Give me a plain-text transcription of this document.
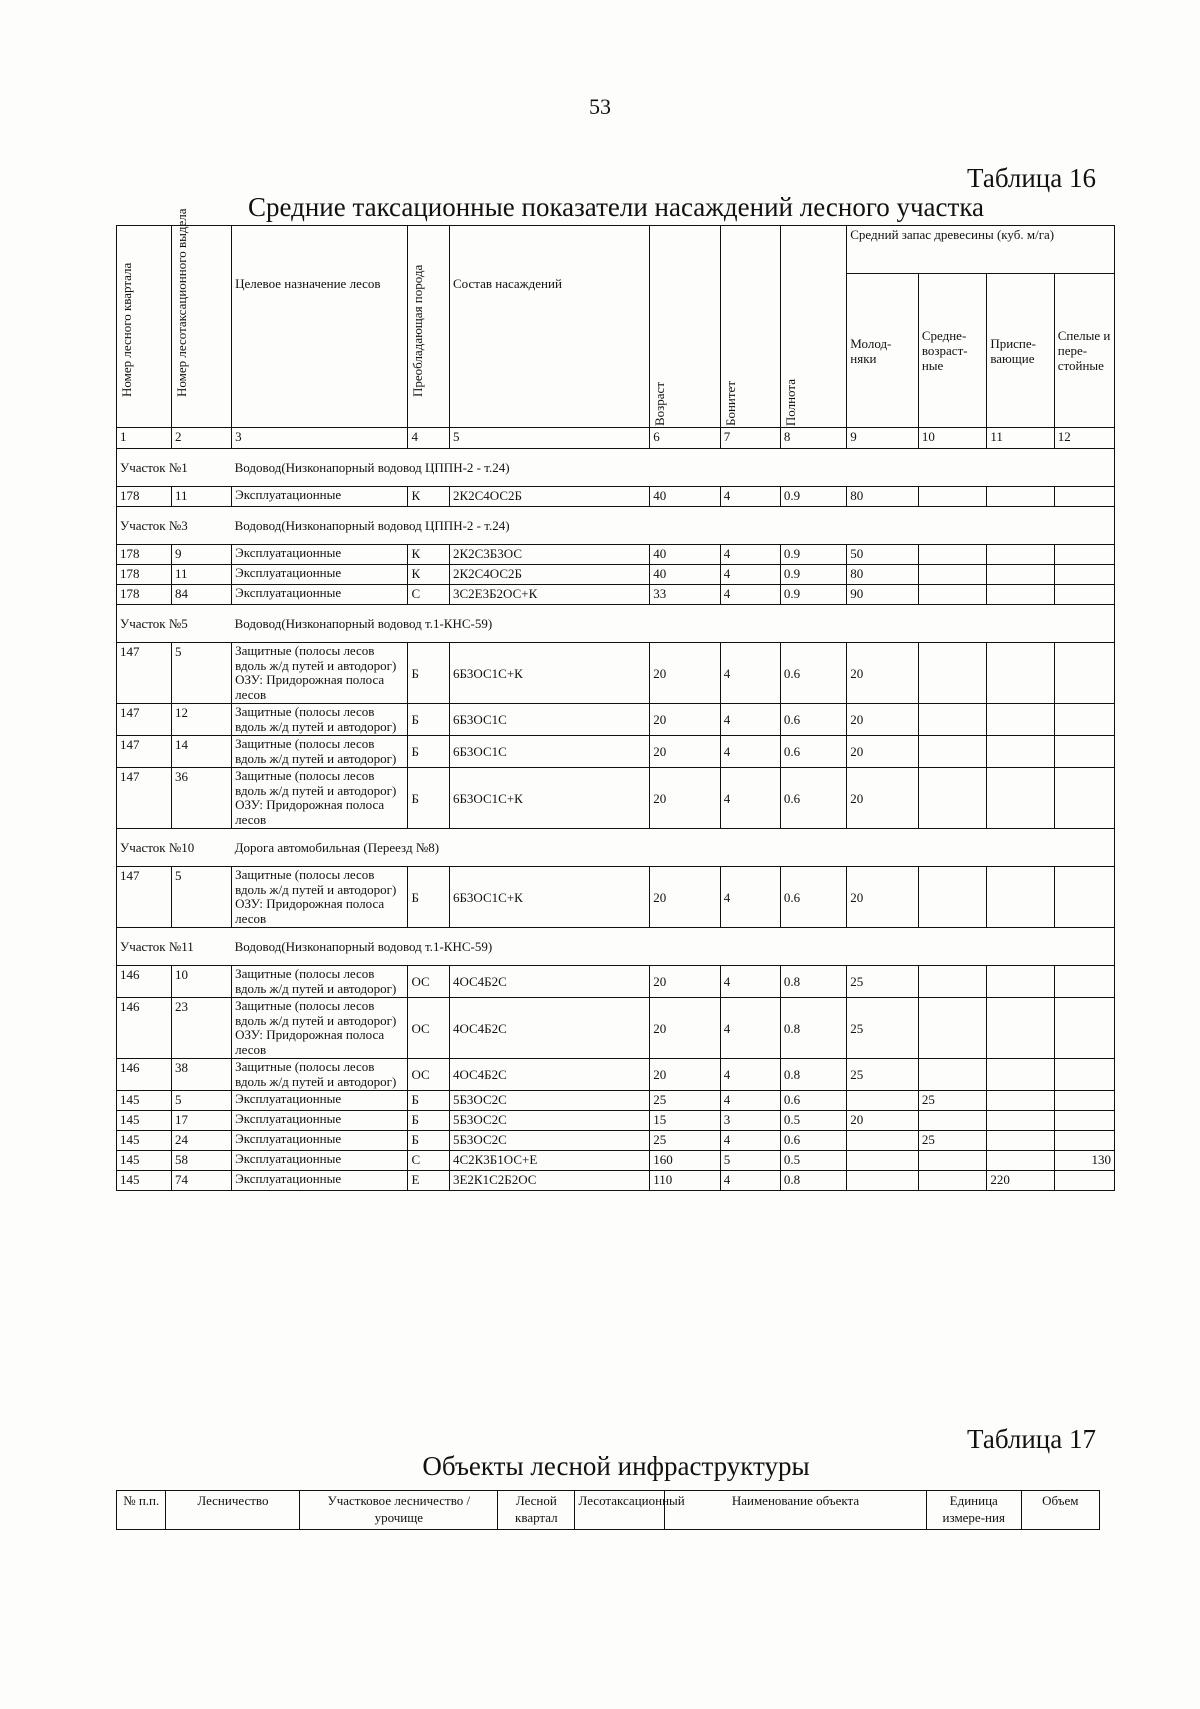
53
Таблица 16
Средние таксационные показатели насаждений лесного участка
Номер лесного квартала	Номер лесотаксационного выдела	Целевое назначение лесов	Преобладающая порода	Состав насаждений	Возраст	Бонитет	Полнота	Средний запас древесины (куб. м/га)			
								Молод-няки	Средне-возраст-ные	Приспе-вающие	Спелые и пере-стойные
1	2	3	4	5	6	7	8	9	10	11	12
Участок №1		Водовод(Низконапорный водовод ЦППН-2 - т.24)									
178	11	Эксплуатационные	К	2К2С4ОС2Б	40	4	0.9	80			
Участок №3		Водовод(Низконапорный водовод ЦППН-2 - т.24)									
178	9	Эксплуатационные	К	2К2С3Б3ОС	40	4	0.9	50			
178	11	Эксплуатационные	К	2К2С4ОС2Б	40	4	0.9	80			
178	84	Эксплуатационные	С	3С2Е3Б2ОС+К	33	4	0.9	90			
Участок №5		Водовод(Низконапорный водовод т.1-КНС-59)									
147	5	Защитные (полосы лесов вдоль ж/д путей и автодорог) ОЗУ: Придорожная полоса лесов	Б	6Б3ОС1С+К	20	4	0.6	20			
147	12	Защитные (полосы лесов вдоль ж/д путей и автодорог)	Б	6Б3ОС1С	20	4	0.6	20			
147	14	Защитные (полосы лесов вдоль ж/д путей и автодорог)	Б	6Б3ОС1С	20	4	0.6	20			
147	36	Защитные (полосы лесов вдоль ж/д путей и автодорог) ОЗУ: Придорожная полоса лесов	Б	6Б3ОС1С+К	20	4	0.6	20			
Участок №10		Дорога автомобильная (Переезд №8)									
147	5	Защитные (полосы лесов вдоль ж/д путей и автодорог) ОЗУ: Придорожная полоса лесов	Б	6Б3ОС1С+К	20	4	0.6	20			
Участок №11		Водовод(Низконапорный водовод т.1-КНС-59)									
146	10	Защитные (полосы лесов вдоль ж/д путей и автодорог)	ОС	4ОС4Б2С	20	4	0.8	25			
146	23	Защитные (полосы лесов вдоль ж/д путей и автодорог) ОЗУ: Придорожная полоса лесов	ОС	4ОС4Б2С	20	4	0.8	25			
146	38	Защитные (полосы лесов вдоль ж/д путей и автодорог)	ОС	4ОС4Б2С	20	4	0.8	25			
145	5	Эксплуатационные	Б	5Б3ОС2С	25	4	0.6		25		
145	17	Эксплуатационные	Б	5Б3ОС2С	15	3	0.5	20			
145	24	Эксплуатационные	Б	5Б3ОС2С	25	4	0.6		25		
145	58	Эксплуатационные	С	4С2К3Б1ОС+Е	160	5	0.5				130
145	74	Эксплуатационные	Е	3Е2К1С2Б2ОС	110	4	0.8			220	
Таблица 17
Объекты лесной инфраструктуры
№ п.п.	Лесничество	Участковое лесничество / урочище	Лесной квартал	Лесотаксационный	Наименование объекта	Единица измере-ния	Объем
